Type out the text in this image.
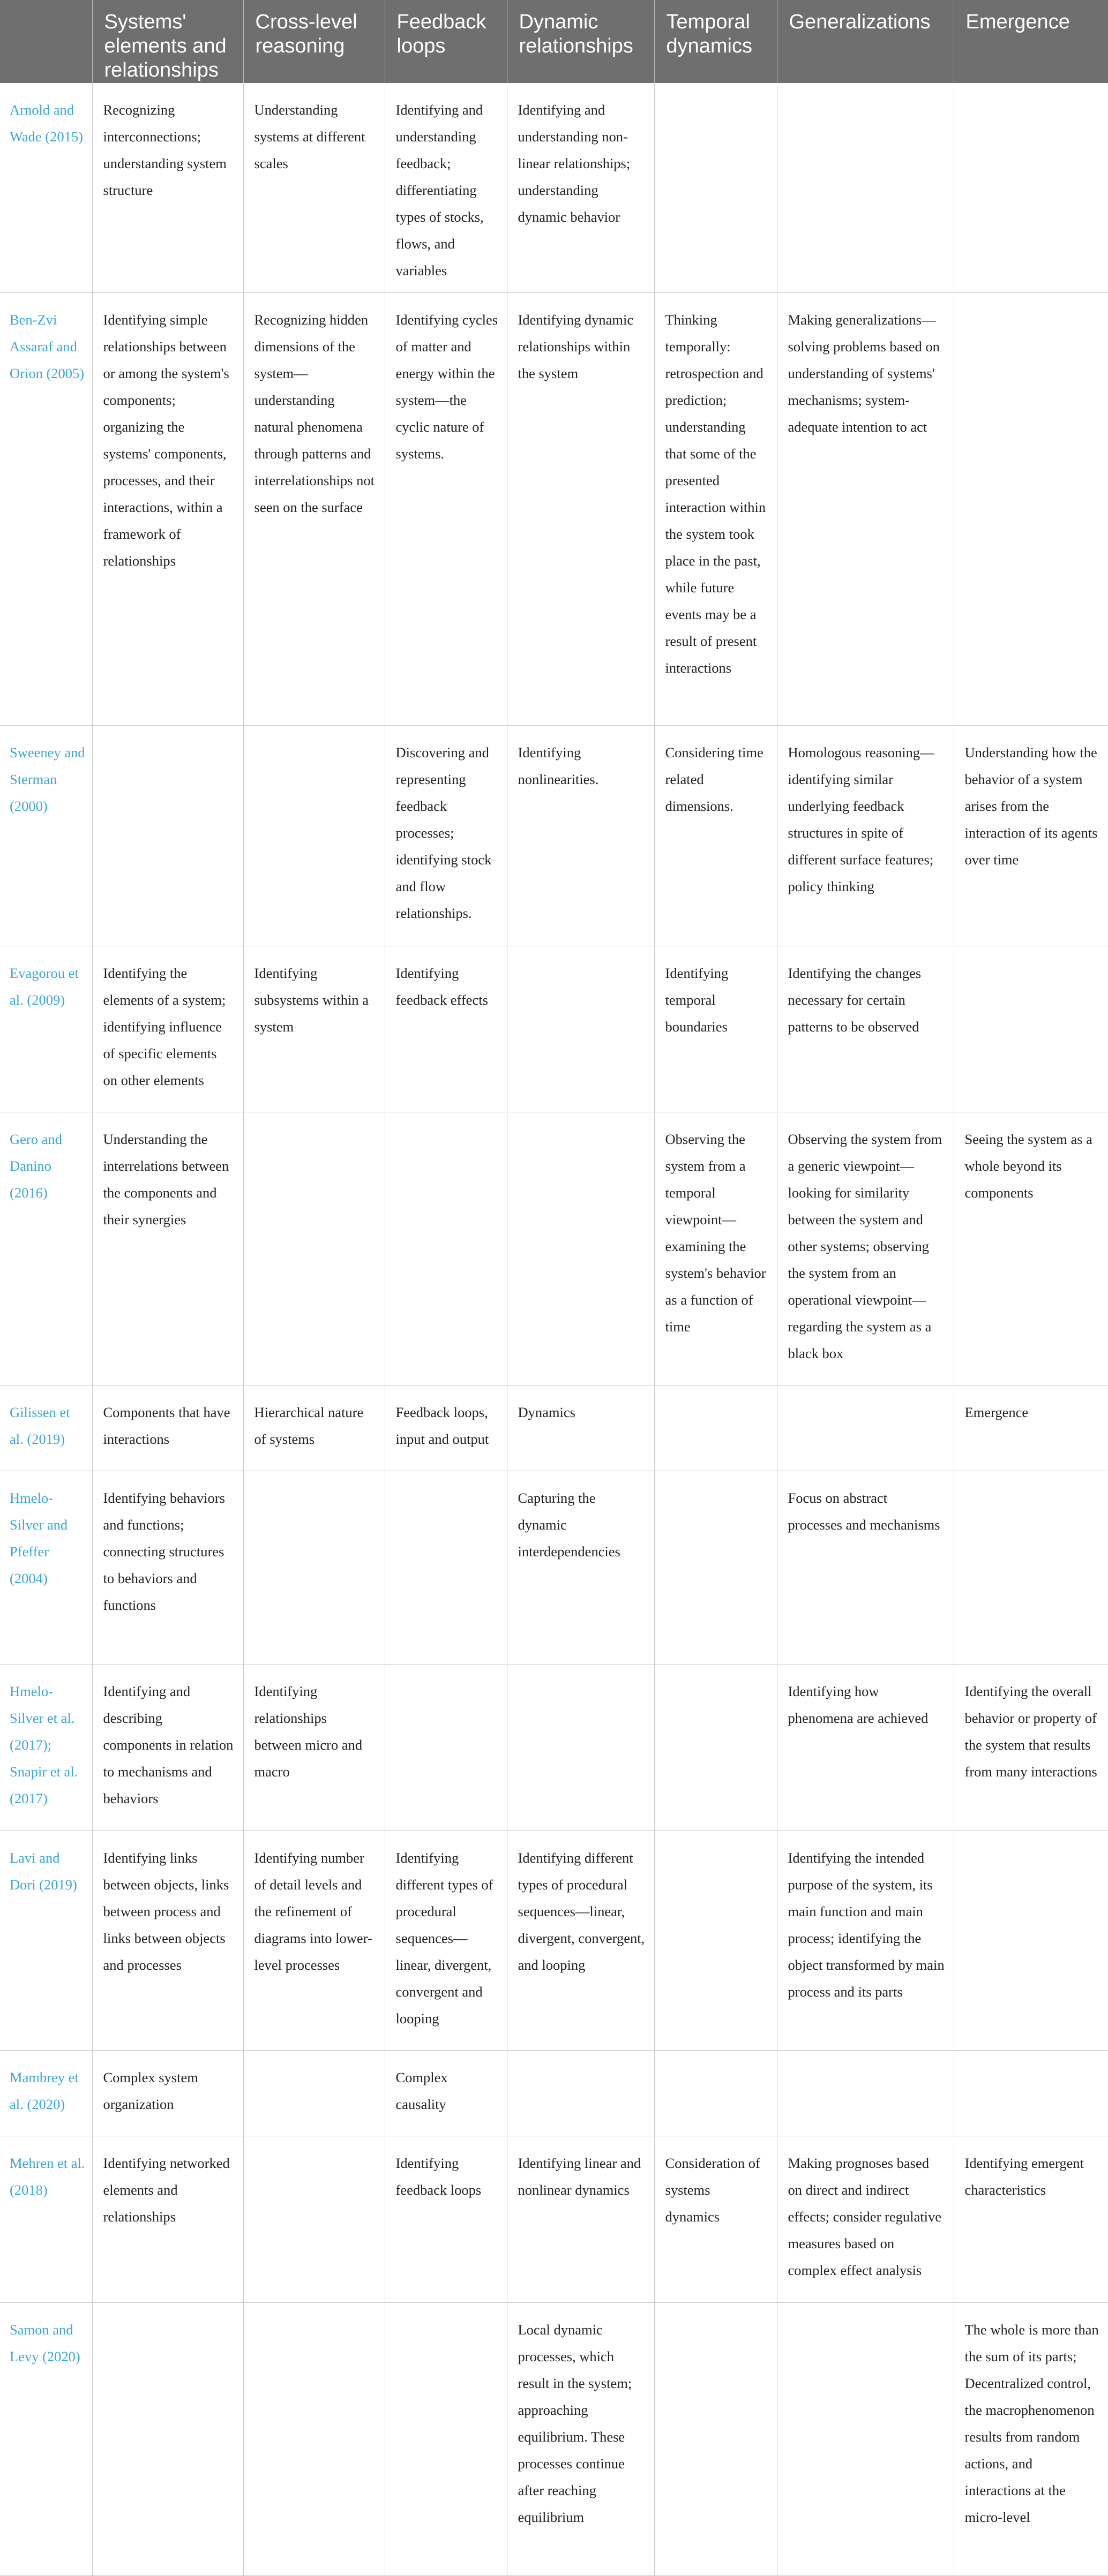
	Systems' elements and relationships	Cross-level reasoning	Feedback loops	Dynamic relationships	Temporal dynamics	Generalizations	Emergence
Arnold and Wade (2015)	Recognizing interconnections; understanding system structure	Understanding systems at different scales	Identifying and understanding feedback; differentiating types of stocks, flows, and variables	Identifying and understanding non-linear relationships; understanding dynamic behavior			
Ben-Zvi Assaraf and Orion (2005)	Identifying simple relationships between or among the system's components; organizing the systems' components, processes, and their interactions, within a framework of relationships	Recognizing hidden dimensions of the system—understanding natural phenomena through patterns and interrelationships not seen on the surface	Identifying cycles of matter and energy within the system—the cyclic nature of systems.	Identifying dynamic relationships within the system	Thinking temporally: retrospection and prediction; understanding that some of the presented interaction within the system took place in the past, while future events may be a result of present interactions	Making generalizations—solving problems based on understanding of systems' mechanisms; system-adequate intention to act	
Sweeney and Sterman (2000)			Discovering and representing feedback processes; identifying stock and flow relationships.	Identifying nonlinearities.	Considering time related dimensions.	Homologous reasoning—identifying similar underlying feedback structures in spite of different surface features; policy thinking	Understanding how the behavior of a system arises from the interaction of its agents over time
Evagorou et al. (2009)	Identifying the elements of a system; identifying influence of specific elements on other elements	Identifying subsystems within a system	Identifying feedback effects		Identifying temporal boundaries	Identifying the changes necessary for certain patterns to be observed	
Gero and Danino (2016)	Understanding the interrelations between the components and their synergies				Observing the system from a temporal viewpoint—examining the system's behavior as a function of time	Observing the system from a generic viewpoint—looking for similarity between the system and other systems; observing the system from an operational viewpoint—regarding the system as a black box	Seeing the system as a whole beyond its components
Gilissen et al. (2019)	Components that have interactions	Hierarchical nature of systems	Feedback loops, input and output	Dynamics			Emergence
Hmelo-Silver and Pfeffer (2004)	Identifying behaviors and functions; connecting structures to behaviors and functions			Capturing the dynamic interdependencies		Focus on abstract processes and mechanisms	
Hmelo-Silver et al. (2017); Snapir et al. (2017)	Identifying and describing components in relation to mechanisms and behaviors	Identifying relationships between micro and macro				Identifying how phenomena are achieved	Identifying the overall behavior or property of the system that results from many interactions
Lavi and Dori (2019)	Identifying links between objects, links between process and links between objects and processes	Identifying number of detail levels and the refinement of diagrams into lower-level processes	Identifying different types of procedural sequences—linear, divergent, convergent and looping	Identifying different types of procedural sequences—linear, divergent, convergent, and looping		Identifying the intended purpose of the system, its main function and main process; identifying the object transformed by main process and its parts	
Mambrey et al. (2020)	Complex system organization		Complex causality				
Mehren et al. (2018)	Identifying networked elements and relationships		Identifying feedback loops	Identifying linear and nonlinear dynamics	Consideration of systems dynamics	Making prognoses based on direct and indirect effects; consider regulative measures based on complex effect analysis	Identifying emergent characteristics
Samon and Levy (2020)				Local dynamic processes, which result in the system; approaching equilibrium. These processes continue after reaching equilibrium			The whole is more than the sum of its parts; Decentralized control, the macrophenomenon results from random actions, and interactions at the micro-level
